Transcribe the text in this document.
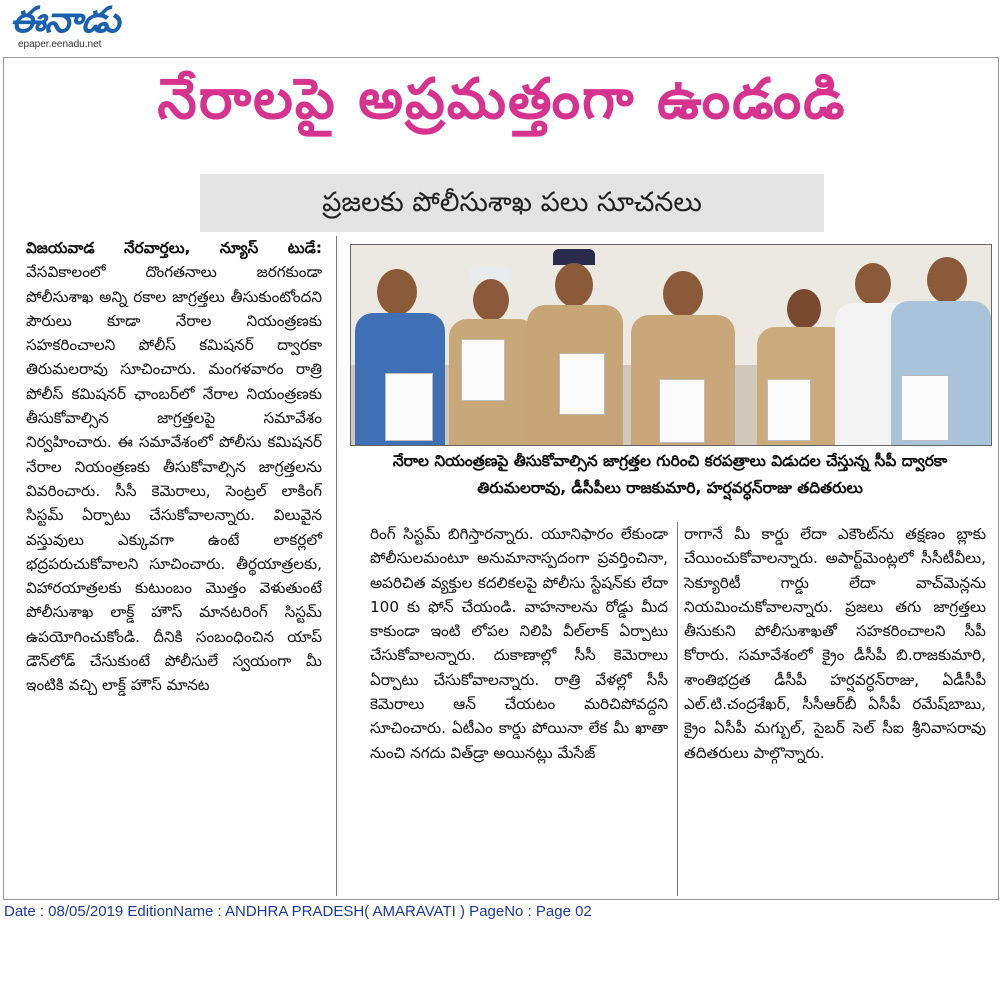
ఈనాడు
epaper.eenadu.net
నేరాలపై అప్రమత్తంగా ఉండండి
ప్రజలకు పోలీసుశాఖ పలు సూచనలు
విజయవాడ నేరవార్తలు, న్యూస్ టుడే: వేసవికాలంలో దొంగతనాలు జరగకుండా పోలీసుశాఖ అన్ని రకాల జాగ్రత్తలు తీసుకుంటోందని పౌరులు కూడా నేరాల నియంత్రణకు సహకరించాలని పోలీస్ కమిషనర్ ద్వారకా తిరుమలరావు సూచించారు. మంగళవారం రాత్రి పోలీస్ కమిషనర్ ఛాంబర్‌లో నేరాల నియంత్రణకు తీసుకోవాల్సిన జాగ్రత్తలపై సమావేశం నిర్వహించారు. ఈ సమావేశంలో పోలీసు కమిషనర్ నేరాల నియంత్రణకు తీసుకోవాల్సిన జాగ్రత్తలను వివరించారు. సీసీ కెమెరాలు, సెంట్రల్ లాకింగ్ సిస్టమ్ ఏర్పాటు చేసుకోవాలన్నారు. విలువైన వస్తువులు ఎక్కువగా ఉంటే లాకర్లలో భద్రపరుచుకోవాలని సూచించారు. తీర్థయాత్రలకు, విహారయాత్రలకు కుటుంబం మొత్తం వెళుతుంటే పోలీసుశాఖ లాక్డ్ హౌస్ మానటరింగ్ సిస్టమ్ ఉపయోగించుకోండి. దీనికి సంబంధించిన యాప్ డౌన్‌లోడ్ చేసుకుంటే పోలీసులే స్వయంగా మీ ఇంటికి వచ్చి లాక్డ్ హౌస్ మానట
నేరాల నియంత్రణపై తీసుకోవాల్సిన జాగ్రత్తల గురించి కరపత్రాలు విడుదల చేస్తున్న సీపీ ద్వారకా తిరుమలరావు, డీసీపీలు రాజకుమారి, హర్షవర్ధన్‌రాజు తదితరులు
రింగ్ సిస్టమ్ బిగిస్తారన్నారు. యూనిఫారం లేకుండా పోలీసులమంటూ అనుమానాస్పదంగా ప్రవర్తించినా, అపరిచిత వ్యక్తుల కదలికలపై పోలీసు స్టేషన్‌కు లేదా 100 కు ఫోన్ చేయండి. వాహనాలను రోడ్డు మీద కాకుండా ఇంటి లోపల నిలిపి వీల్‌లాక్ ఏర్పాటు చేసుకోవాలన్నారు. దుకాణాల్లో సీసీ కెమెరాలు ఏర్పాటు చేసుకోవాలన్నారు. రాత్రి వేళల్లో సీసీ కెమెరాలు ఆన్ చేయటం మరిచిపోవద్దని సూచించారు. ఏటీఎం కార్డు పోయినా లేక మీ ఖాతా నుంచి నగదు విత్‌డ్రా అయినట్లు మేసేజ్
రాగానే మీ కార్డు లేదా ఎకౌంట్‌ను తక్షణం బ్లాకు చేయించుకోవాలన్నారు. అపార్ట్‌మెంట్లలో సీసీటీవీలు, సెక్యూరిటీ గార్డు లేదా వాచ్‌మెన్లను నియమించుకోవాలన్నారు. ప్రజలు తగు జాగ్రత్తలు తీసుకుని పోలీసుశాఖతో సహకరించాలని సీపీ కోరారు. సమావేశంలో క్రైం డీసీపీ బి.రాజకుమారి, శాంతిభద్రత డీసీపీ హర్షవర్ధన్‌రాజు, ఏడీసీపీ ఎల్.టి.చంద్రశేఖర్, సీసీఆర్‌బీ ఏసీపీ రమేష్‌బాబు, క్రైం ఏసీపీ మగ్బుల్, సైబర్ సెల్ సీఐ శ్రీనివాసరావు తదితరులు పాల్గొన్నారు.
Date : 08/05/2019 EditionName : ANDHRA PRADESH( AMARAVATI ) PageNo : Page 02
